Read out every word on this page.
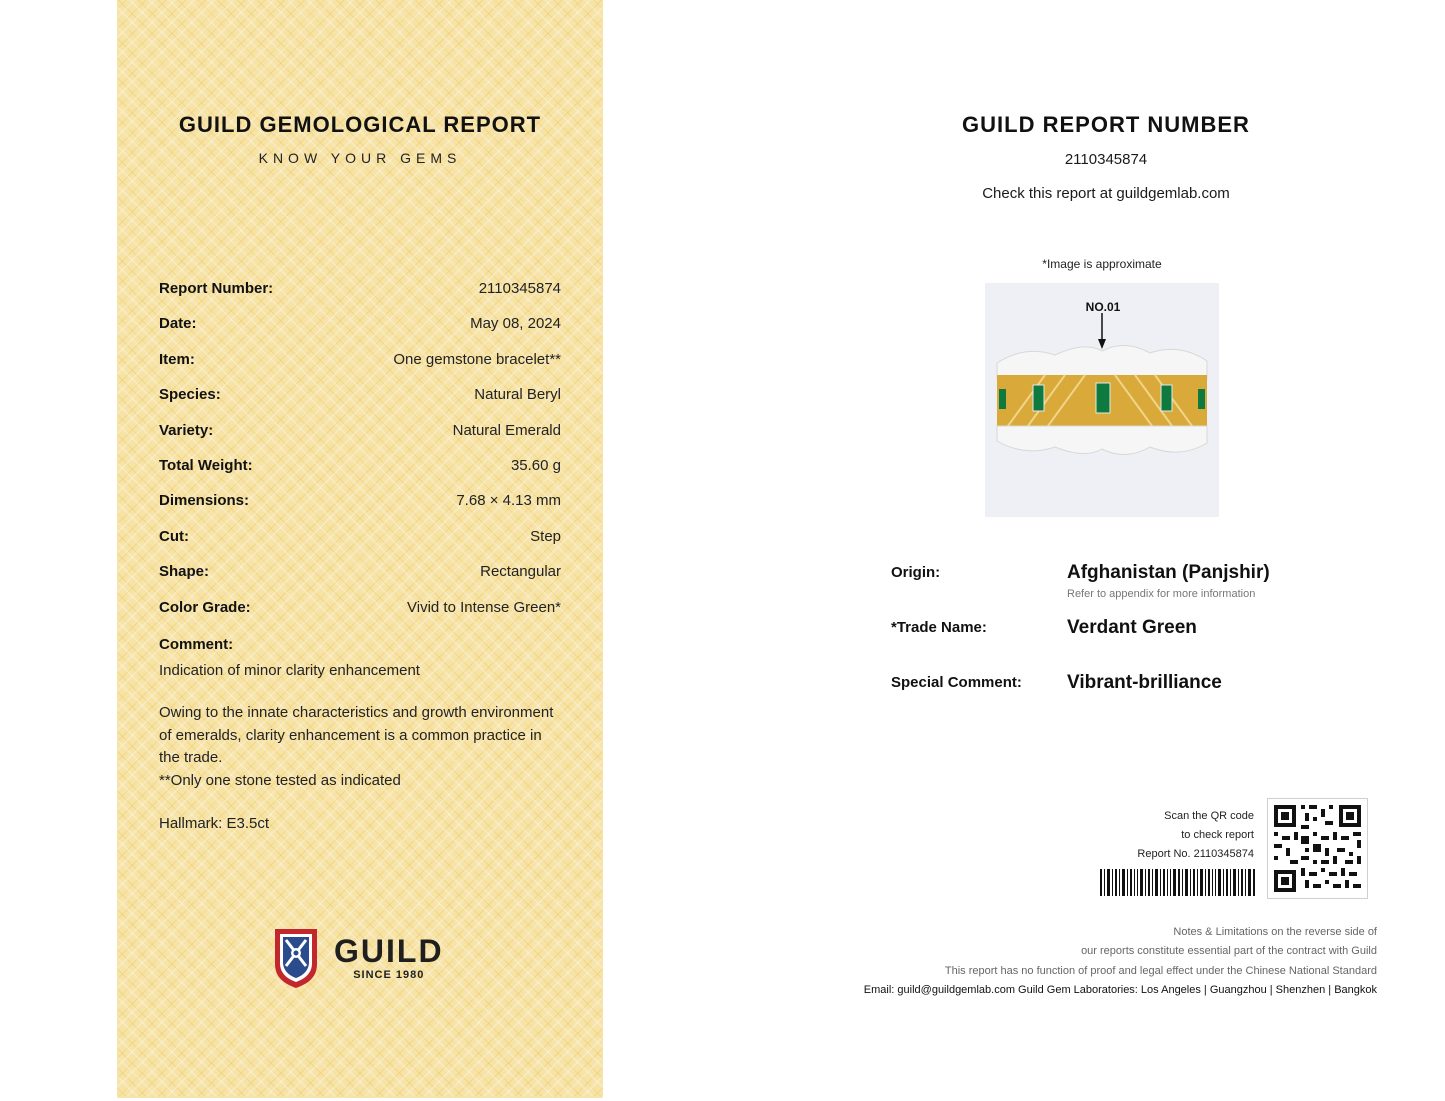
GUILD GEMOLOGICAL REPORT
KNOW YOUR GEMS
Report Number:	2110345874
Date:	May 08, 2024
Item:	One gemstone bracelet**
Species:	Natural Beryl
Variety:	Natural Emerald
Total Weight:	35.60 g
Dimensions:	7.68 × 4.13 mm
Cut:	Step
Shape:	Rectangular
Color Grade:	Vivid to Intense Green*
Comment:
Indication of minor clarity enhancement
Owing to the innate characteristics and growth environment of emeralds, clarity enhancement is a common practice in the trade.
**Only one stone tested as indicated
Hallmark: E3.5ct
GUILD
SINCE 1980
GUILD REPORT NUMBER
2110345874
Check this report at guildgemlab.com
*Image is approximate
NO.01
Origin:	Afghanistan (Panjshir)
Refer to appendix for more information
*Trade Name:	Verdant Green
Special Comment: Vibrant-brilliance
Scan the QR code
to check report
Report No. 2110345874
Notes & Limitations on the reverse side of
our reports constitute essential part of the contract with Guild
This report has no function of proof and legal effect under the Chinese National Standard
Email: guild@guildgemlab.com Guild Gem Laboratories: Los Angeles | Guangzhou | Shenzhen | Bangkok
